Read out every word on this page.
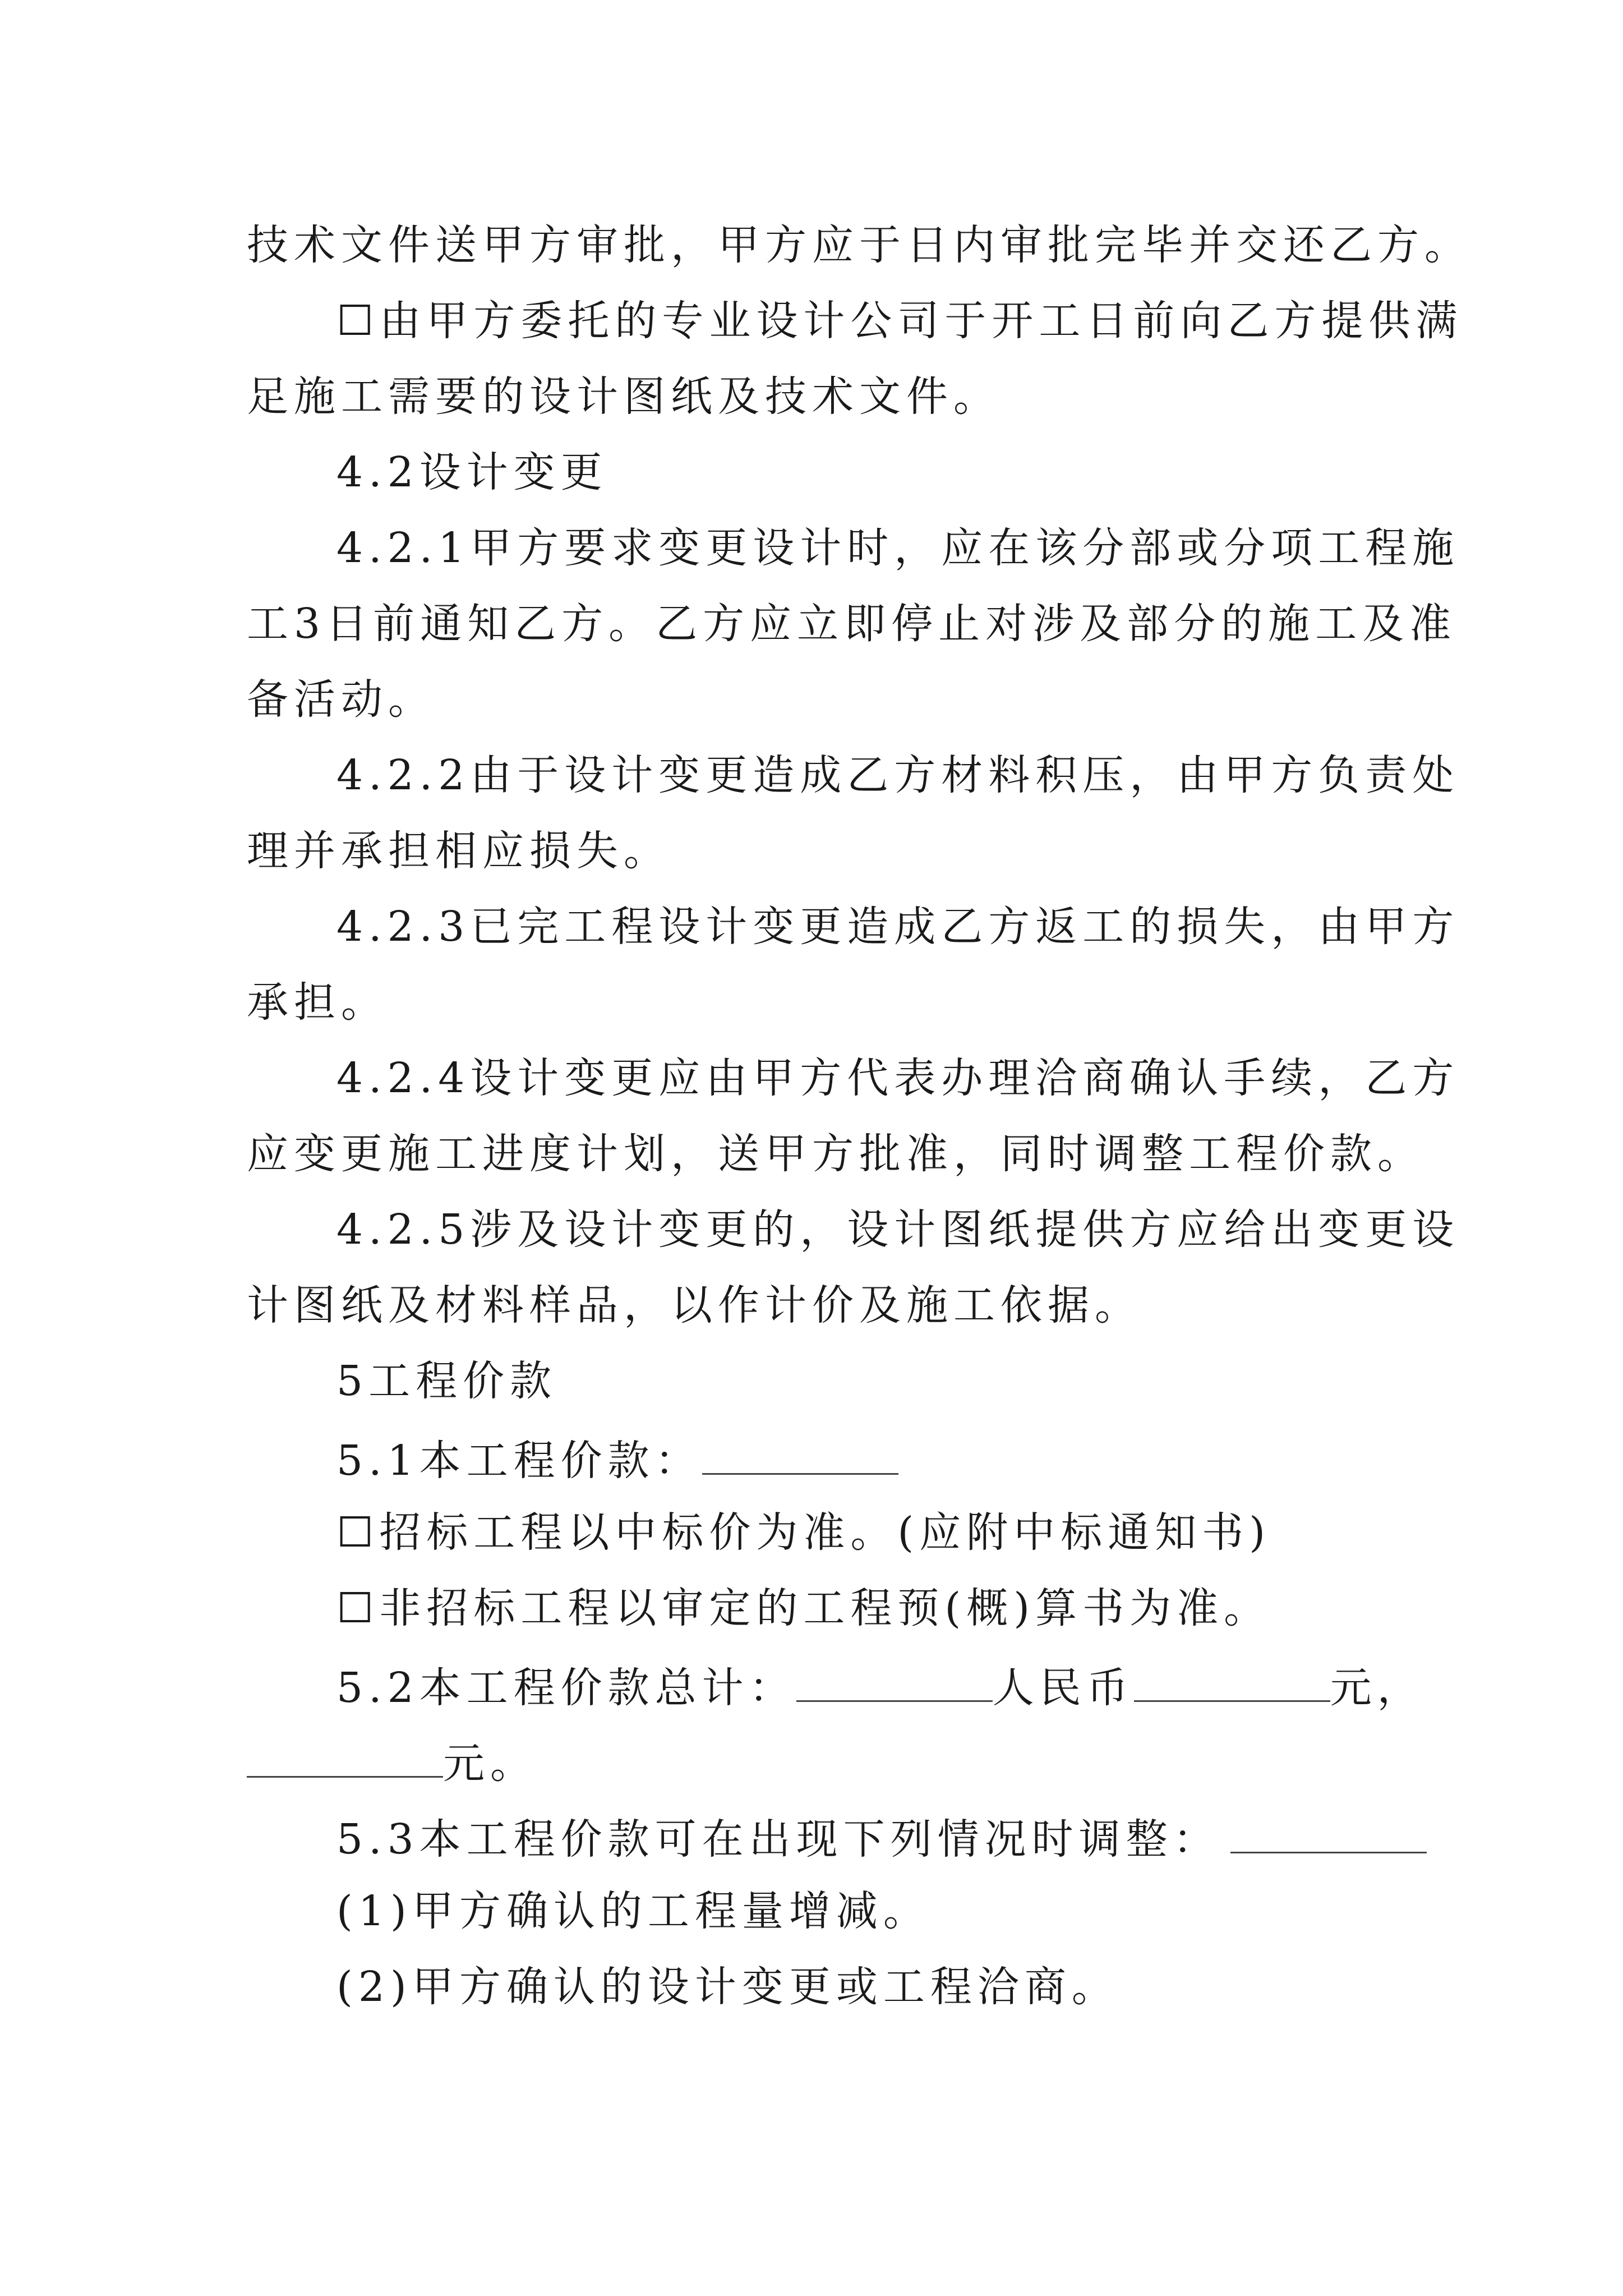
技术文件送甲方审批，甲方应于日内审批完毕并交还乙方。
☐由甲方委托的专业设计公司于开工日前向乙方提供满
足施工需要的设计图纸及技术文件。
4.2设计变更
4.2.1甲方要求变更设计时，应在该分部或分项工程施
工3日前通知乙方。乙方应立即停止对涉及部分的施工及准
备活动。
4.2.2由于设计变更造成乙方材料积压，由甲方负责处
理并承担相应损失。
4.2.3已完工程设计变更造成乙方返工的损失，由甲方
承担。
4.2.4设计变更应由甲方代表办理洽商确认手续，乙方
应变更施工进度计划，送甲方批准，同时调整工程价款。
4.2.5涉及设计变更的，设计图纸提供方应给出变更设
计图纸及材料样品，以作计价及施工依据。
5工程价款
5.1本工程价款：
☐招标工程以中标价为准。(应附中标通知书)
☐非招标工程以审定的工程预(概)算书为准。
5.2本工程价款总计：	人民币	元，
元。
5.3本工程价款可在出现下列情况时调整：
(1)甲方确认的工程量增减。
(2)甲方确认的设计变更或工程洽商。
